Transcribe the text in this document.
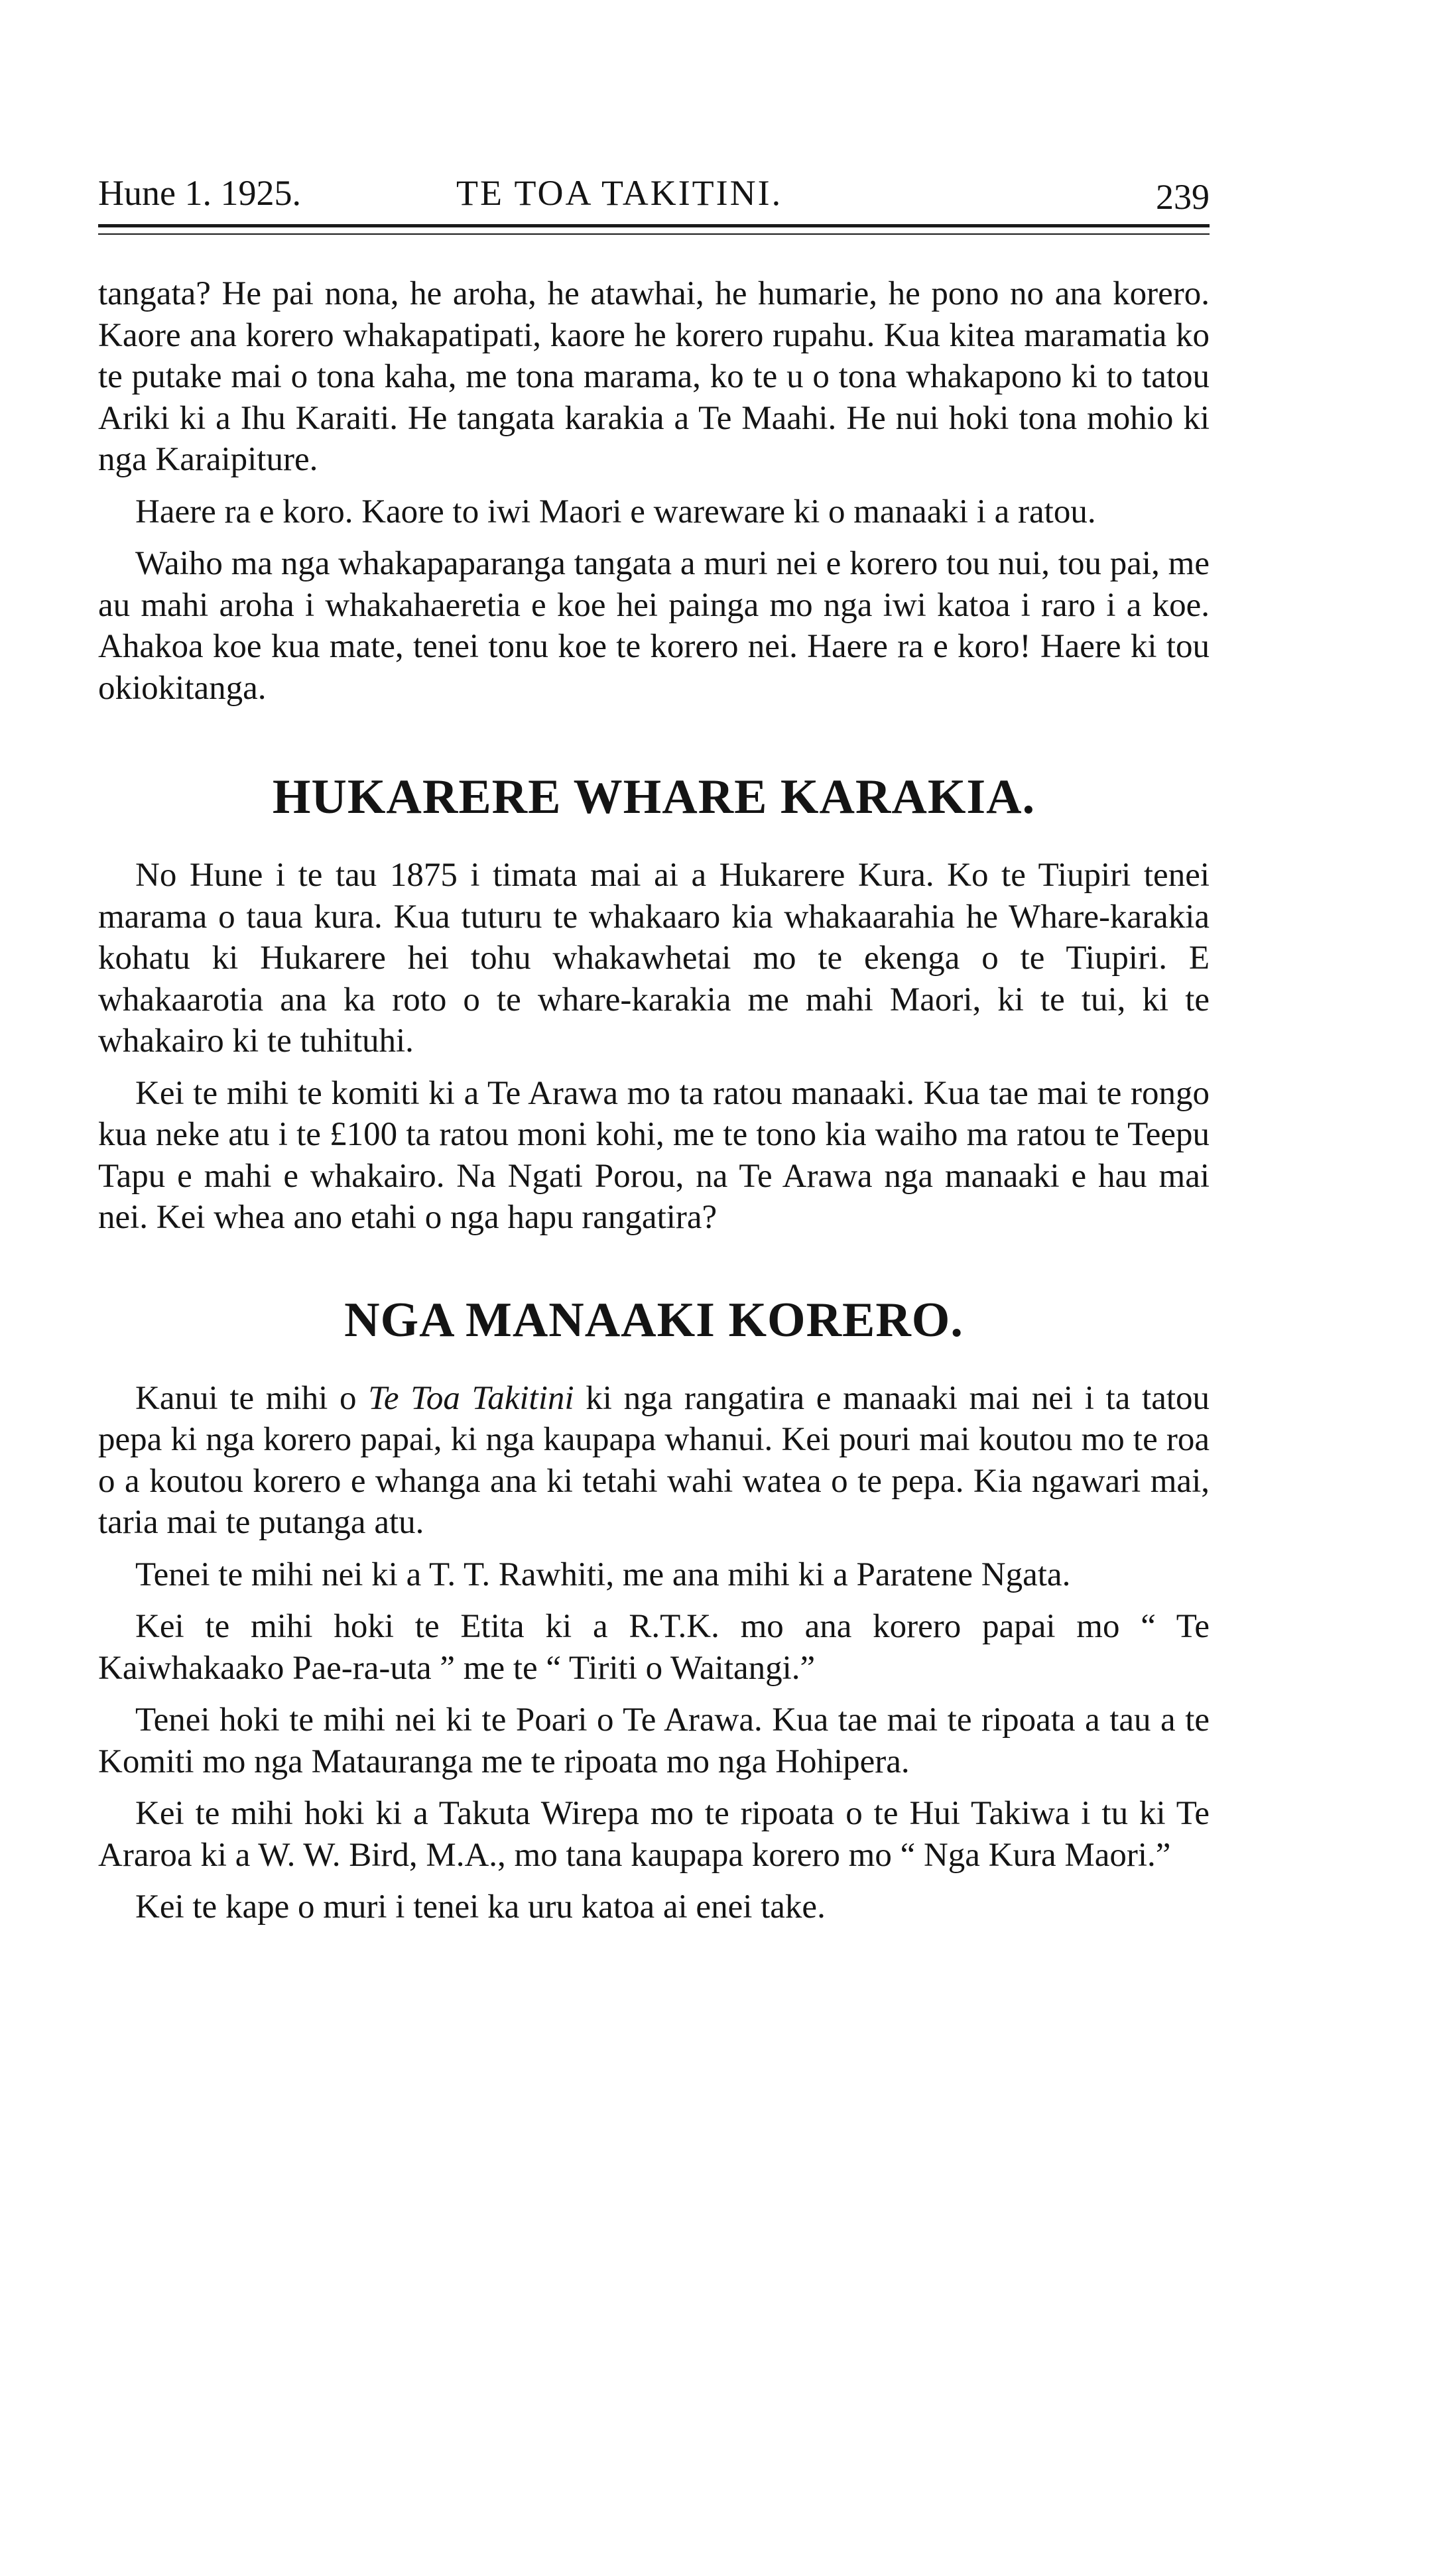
Hune 1. 1925.	TE TOA TAKITINI.	239

tangata? He pai nona, he aroha, he atawhai, he humarie, he pono no ana korero. Kaore ana korero whakapatipati, kaore he korero rupahu. Kua kitea maramatia ko te putake mai o tona kaha, me tona marama, ko te u o tona whakapono ki to tatou Ariki ki a Ihu Karaiti. He tangata karakia a Te Maahi. He nui hoki tona mohio ki nga Karaipiture.

Haere ra e koro. Kaore to iwi Maori e wareware ki o manaaki i a ratou.

Waiho ma nga whakapaparanga tangata a muri nei e korero tou nui, tou pai, me au mahi aroha i whakahaeretia e koe hei painga mo nga iwi katoa i raro i a koe. Ahakoa koe kua mate, tenei tonu koe te korero nei. Haere ra e koro! Haere ki tou okiokitanga.

HUKARERE WHARE KARAKIA.

No Hune i te tau 1875 i timata mai ai a Hukarere Kura. Ko te Tiupiri tenei marama o taua kura. Kua tuturu te whakaaro kia whakaarahia he Whare-karakia kohatu ki Hukarere hei tohu whakawhetai mo te ekenga o te Tiupiri. E whakaarotia ana ka roto o te whare-karakia me mahi Maori, ki te tui, ki te whakairo ki te tuhituhi.

Kei te mihi te komiti ki a Te Arawa mo ta ratou manaaki. Kua tae mai te rongo kua neke atu i te £100 ta ratou moni kohi, me te tono kia waiho ma ratou te Teepu Tapu e mahi e whakairo. Na Ngati Porou, na Te Arawa nga manaaki e hau mai nei. Kei whea ano etahi o nga hapu rangatira?

NGA MANAAKI KORERO.

Kanui te mihi o Te Toa Takitini ki nga rangatira e manaaki mai nei i ta tatou pepa ki nga korero papai, ki nga kaupapa whanui. Kei pouri mai koutou mo te roa o a koutou korero e whanga ana ki tetahi wahi watea o te pepa. Kia ngawari mai, taria mai te putanga atu.

Tenei te mihi nei ki a T. T. Rawhiti, me ana mihi ki a Paratene Ngata.

Kei te mihi hoki te Etita ki a R.T.K. mo ana korero papai mo “ Te Kaiwhakaako Pae-ra-uta ” me te “ Tiriti o Waitangi.”

Tenei hoki te mihi nei ki te Poari o Te Arawa. Kua tae mai te ripoata a tau a te Komiti mo nga Matauranga me te ripoata mo nga Hohipera.

Kei te mihi hoki ki a Takuta Wirepa mo te ripoata o te Hui Takiwa i tu ki Te Araroa ki a W. W. Bird, M.A., mo tana kaupapa korero mo “ Nga Kura Maori.”

Kei te kape o muri i tenei ka uru katoa ai enei take.
